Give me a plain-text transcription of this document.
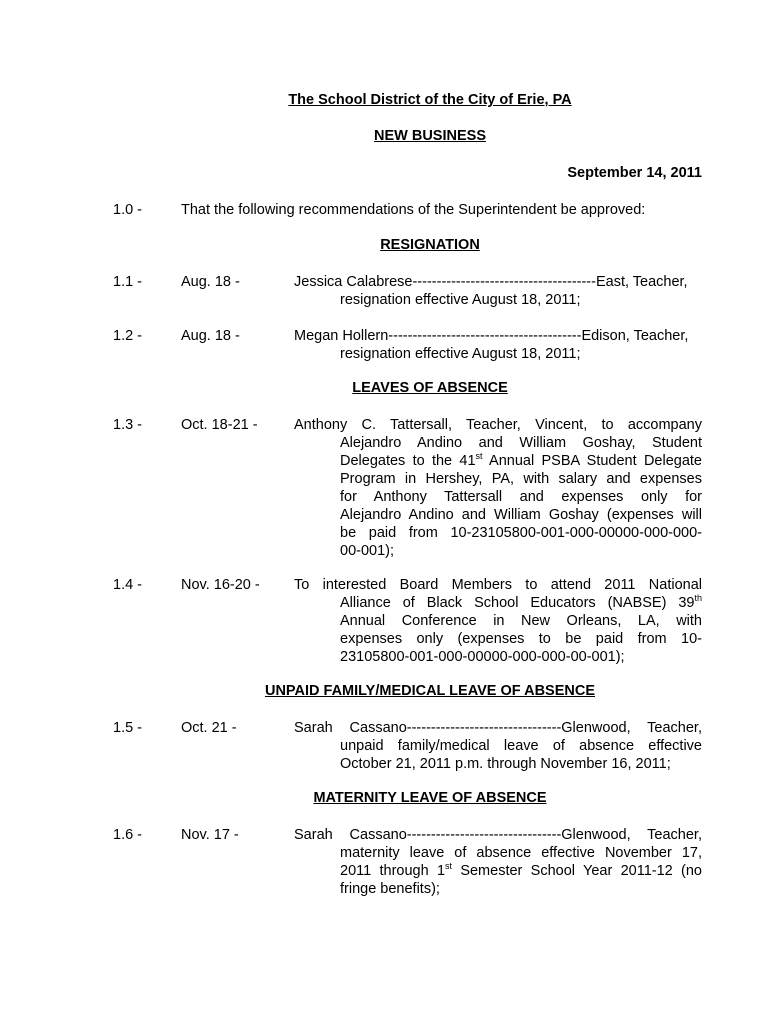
The School District of the City of Erie, PA
NEW BUSINESS
September 14, 2011
1.0 -	That the following recommendations of the Superintendent be approved:
RESIGNATION
1.1 -	Aug. 18 -	Jessica Calabrese--------------------------------------East, Teacher,
resignation effective August 18, 2011;
1.2 -	Aug. 18 -	Megan Hollern----------------------------------------Edison, Teacher,
resignation effective August 18, 2011;
LEAVES OF ABSENCE
1.3 -	Oct. 18-21 -	Anthony C. Tattersall, Teacher, Vincent, to accompany
Alejandro Andino and William Goshay, Student
Delegates to the 41st Annual PSBA Student Delegate
Program in Hershey, PA, with salary and expenses
for Anthony Tattersall and expenses only for
Alejandro Andino and William Goshay (expenses will
be paid from 10-23105800-001-000-00000-000-000-
00-001);
1.4 -	Nov. 16-20 - To interested Board Members to attend 2011 National
Alliance of Black School Educators (NABSE) 39th
Annual Conference in New Orleans, LA, with
expenses only (expenses to be paid from 10-
23105800-001-000-00000-000-000-00-001);
UNPAID FAMILY/MEDICAL LEAVE OF ABSENCE
1.5 -	Oct. 21 -	Sarah Cassano--------------------------------Glenwood, Teacher,
unpaid family/medical leave of absence effective
October 21, 2011 p.m. through November 16, 2011;
MATERNITY LEAVE OF ABSENCE
1.6 -	Nov. 17 -	Sarah Cassano--------------------------------Glenwood, Teacher,
maternity leave of absence effective November 17,
2011 through 1st Semester School Year 2011-12 (no
fringe benefits);
